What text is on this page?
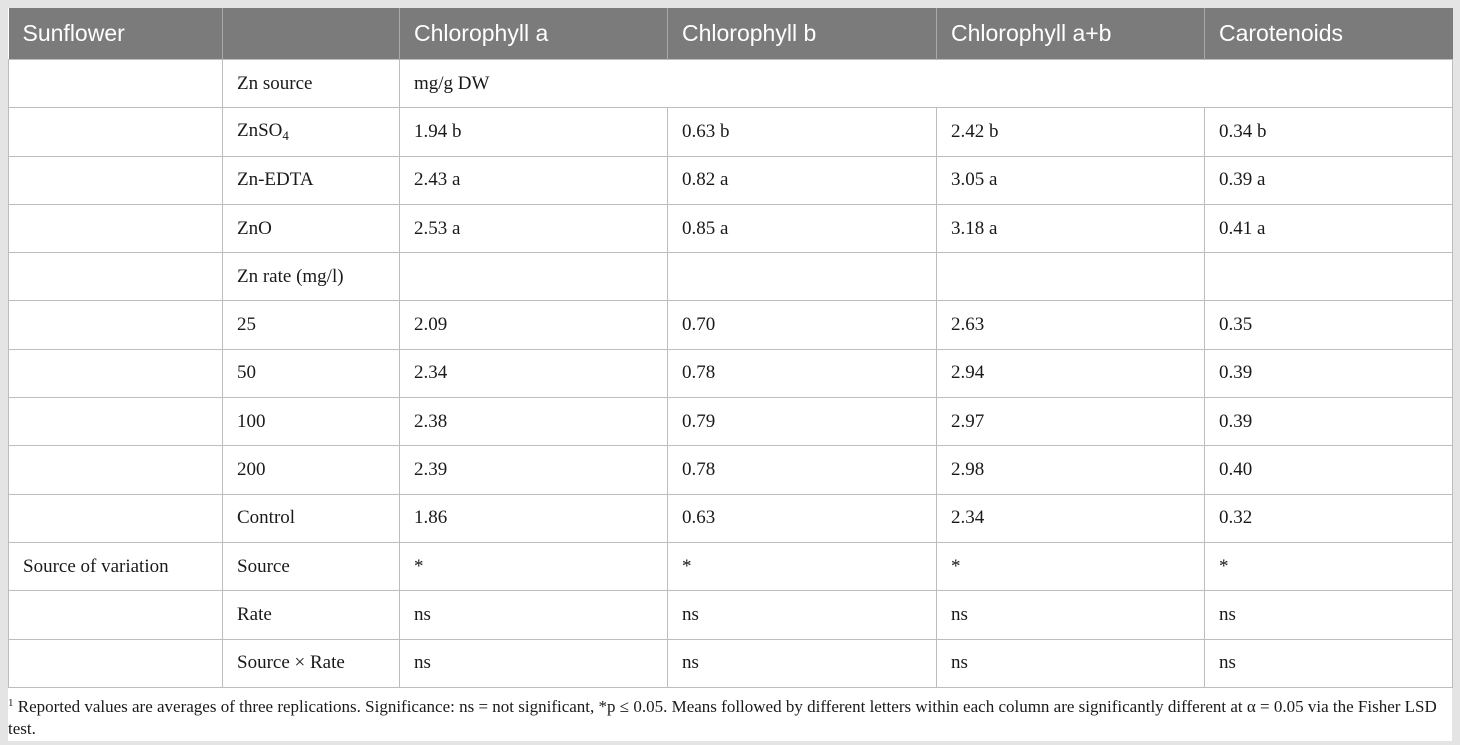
Sunflower		Chlorophyll a	Chlorophyll b	Chlorophyll a+b	Carotenoids
	Zn source	mg/g DW			
	ZnSO$_4$	1.94 b	0.63 b	2.42 b	0.34 b
	Zn-EDTA	2.43 a	0.82 a	3.05 a	0.39 a
	ZnO	2.53 a	0.85 a	3.18 a	0.41 a
	Zn rate (mg/l)				
	25	2.09	0.70	2.63	0.35
	50	2.34	0.78	2.94	0.39
	100	2.38	0.79	2.97	0.39
	200	2.39	0.78	2.98	0.40
	Control	1.86	0.63	2.34	0.32
Source of variation	Source	*	*	*	*
	Rate	ns	ns	ns	ns
	Source × Rate	ns	ns	ns	ns

$^1$ Reported values are averages of three replications. Significance: ns = not significant, *p ≤ 0.05. Means followed by different letters within each column are significantly different at α = 0.05 via the Fisher LSD test.
